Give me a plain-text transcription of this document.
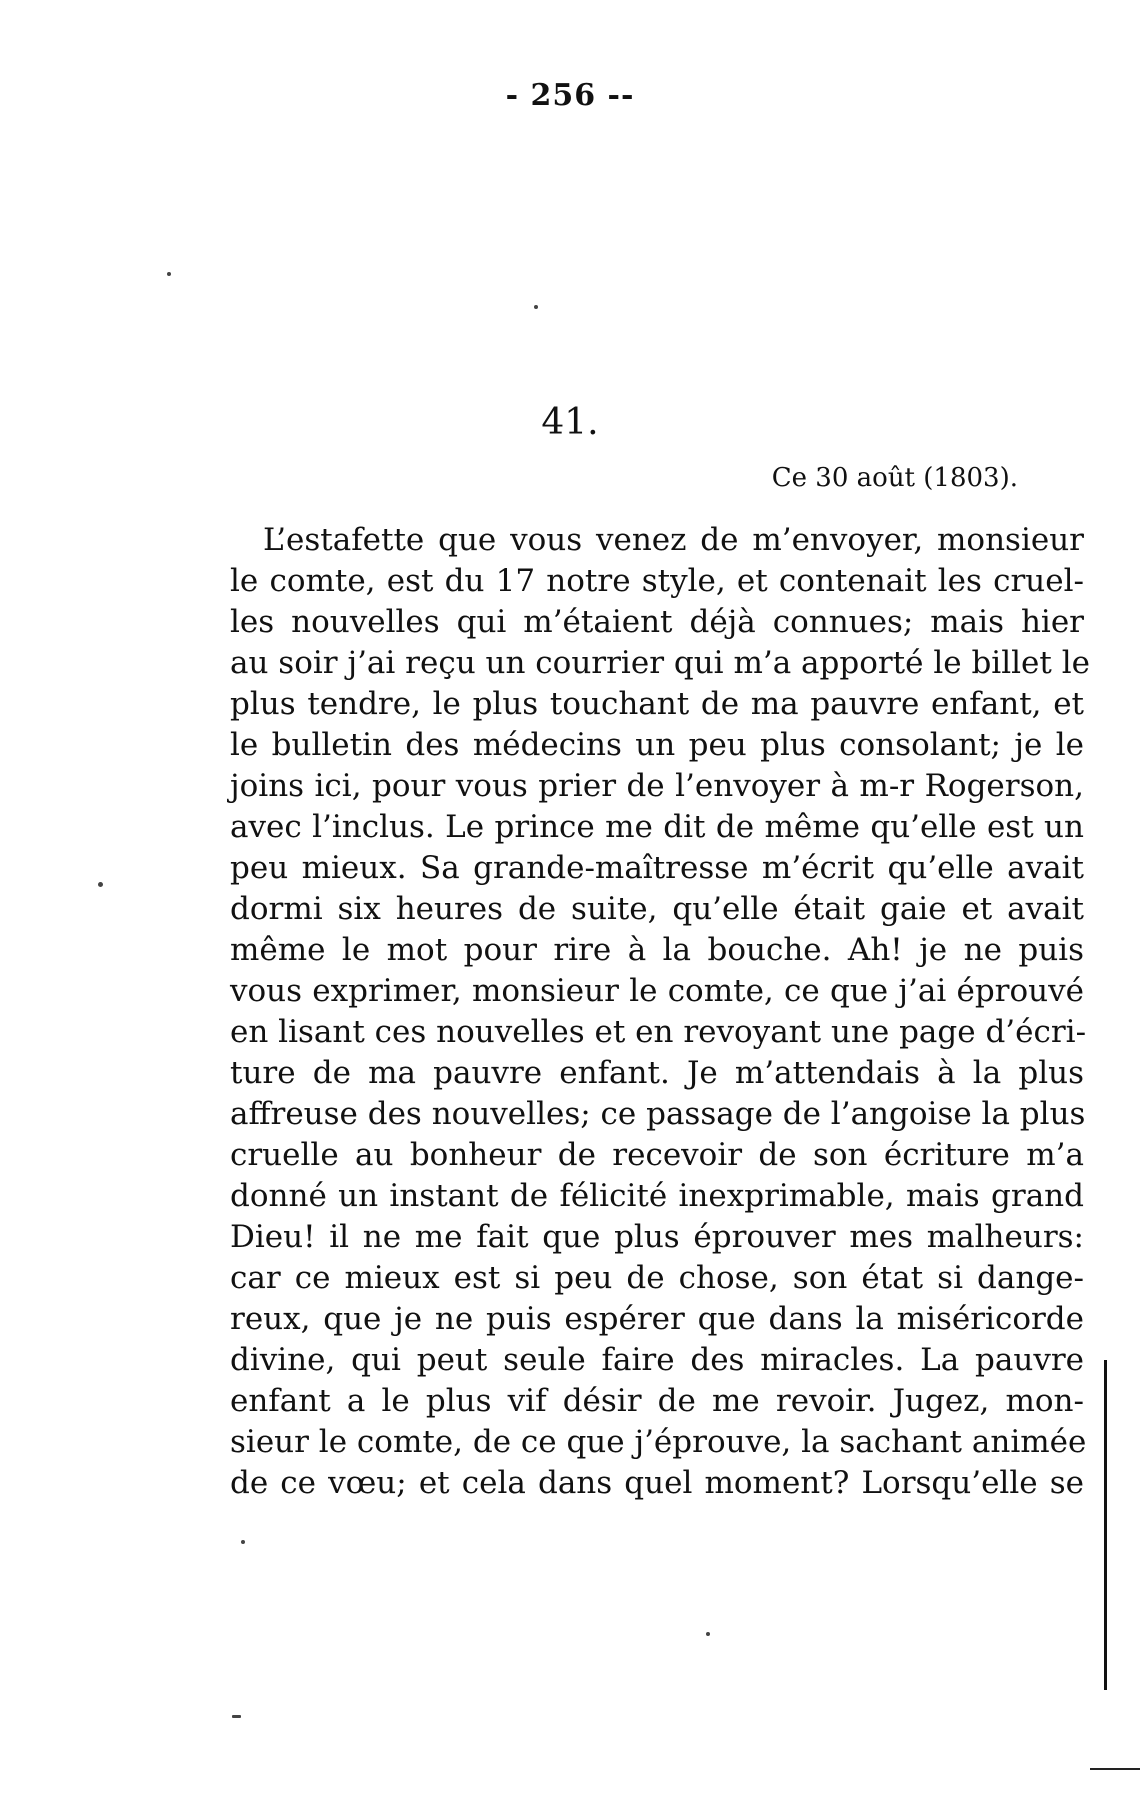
- 256 --
41.
Ce 30 août (1803).
L’estafette que vous venez de m’envoyer, monsieur
le comte, est du 17 notre style, et contenait les cruel-
les nouvelles qui m’étaient déjà connues; mais hier
au soir j’ai reçu un courrier qui m’a apporté le billet le
plus tendre, le plus touchant de ma pauvre enfant, et
le bulletin des médecins un peu plus consolant; je le
joins ici, pour vous prier de l’envoyer à m-r Rogerson,
avec l’inclus. Le prince me dit de même qu’elle est un
peu mieux. Sa grande-maîtresse m’écrit qu’elle avait
dormi six heures de suite, qu’elle était gaie et avait
même le mot pour rire à la bouche. Ah! je ne puis
vous exprimer, monsieur le comte, ce que j’ai éprouvé
en lisant ces nouvelles et en revoyant une page d’écri-
ture de ma pauvre enfant. Je m’attendais à la plus
affreuse des nouvelles; ce passage de l’angoise la plus
cruelle au bonheur de recevoir de son écriture m’a
donné un instant de félicité inexprimable, mais grand
Dieu! il ne me fait que plus éprouver mes malheurs:
car ce mieux est si peu de chose, son état si dange-
reux, que je ne puis espérer que dans la miséricorde
divine, qui peut seule faire des miracles. La pauvre
enfant a le plus vif désir de me revoir. Jugez, mon-
sieur le comte, de ce que j’éprouve, la sachant animée
de ce vœu; et cela dans quel moment? Lorsqu’elle se
